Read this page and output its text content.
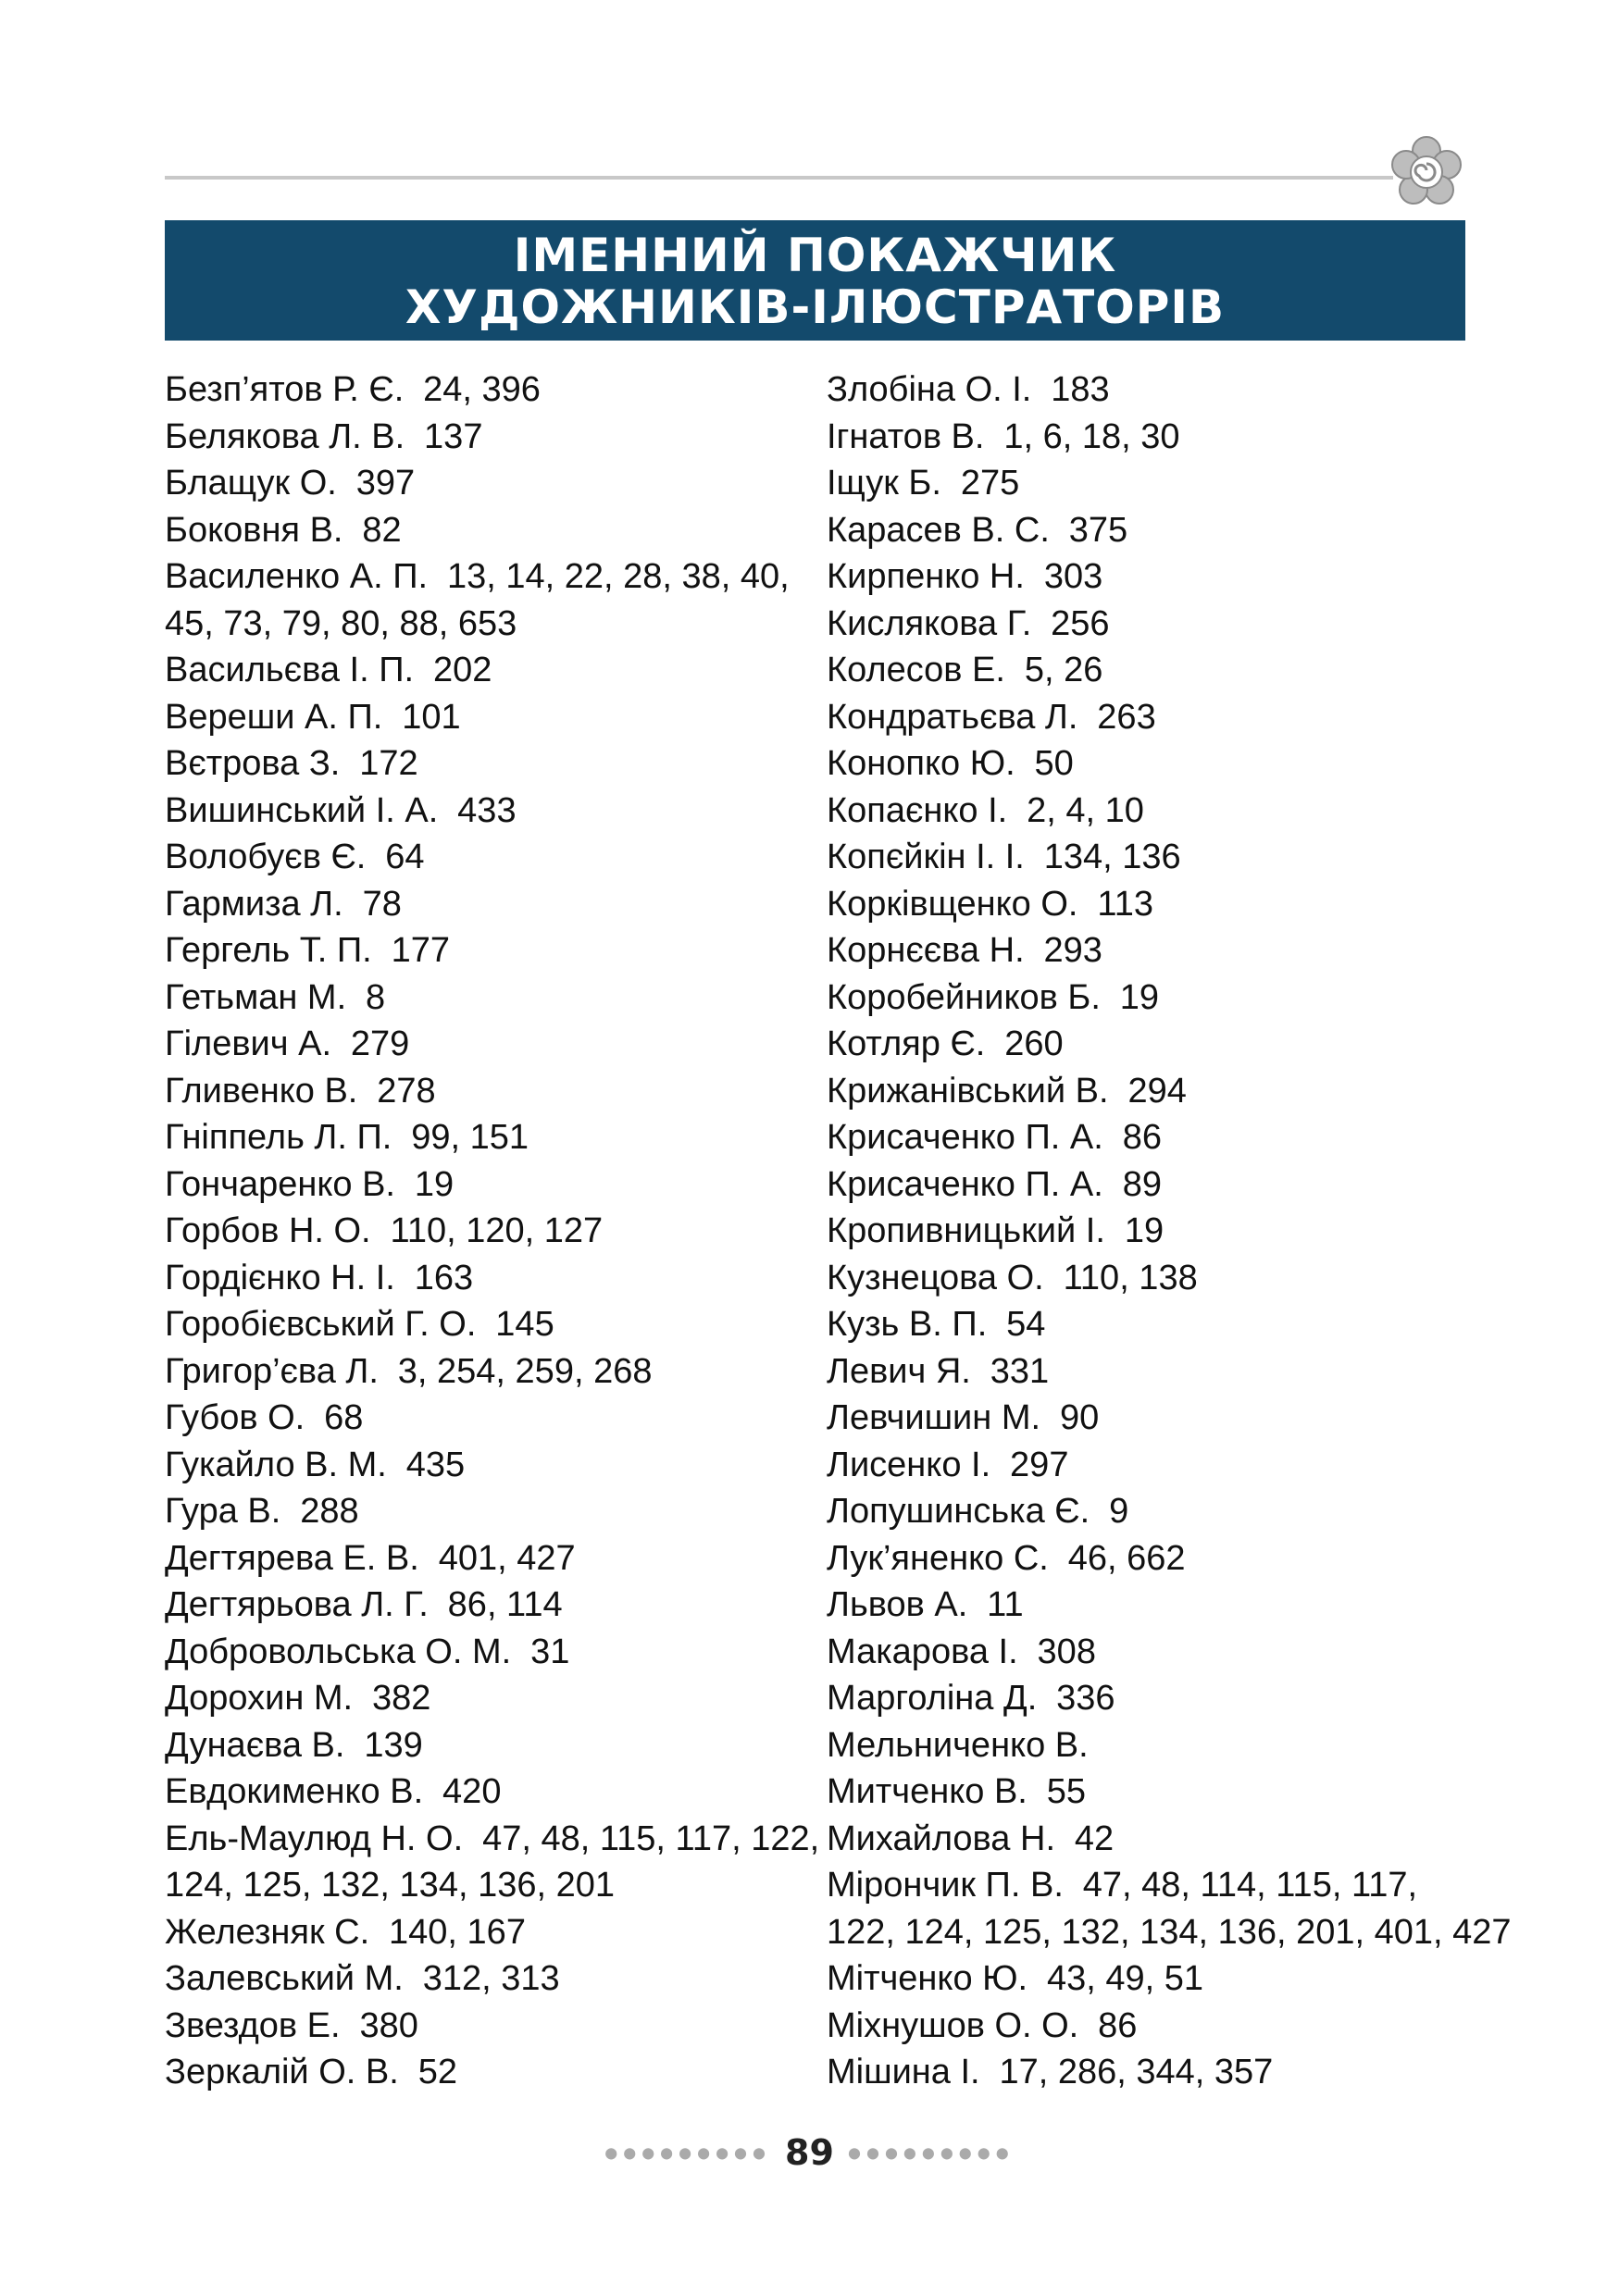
ІМЕННИЙ ПОКАЖЧИК
ХУДОЖНИКІВ-ІЛЮСТРАТОРІВ
Безп’ятов Р. Є. 24, 396
Белякова Л. В. 137
Блащук О. 397
Боковня В. 82
Василенко А. П. 13, 14, 22, 28, 38, 40,
45, 73, 79, 80, 88, 653
Васильєва І. П. 202
Вереши А. П. 101
Вєтрова З. 172
Вишинський І. А. 433
Волобуєв Є. 64
Гармиза Л. 78
Гергель Т. П. 177
Гетьман М. 8
Гілевич А. 279
Гливенко В. 278
Гніппель Л. П. 99, 151
Гончаренко В. 19
Горбов Н. О. 110, 120, 127
Гордієнко Н. І. 163
Горобієвський Г. О. 145
Григор’єва Л. 3, 254, 259, 268
Губов О. 68
Гукайло В. М. 435
Гура В. 288
Дегтярева Е. В. 401, 427
Дегтярьова Л. Г. 86, 114
Добровольська О. М. 31
Дорохин М. 382
Дунаєва В. 139
Евдокименко В. 420
Ель-Маулюд Н. О. 47, 48, 115, 117, 122,
124, 125, 132, 134, 136, 201
Железняк С. 140, 167
Залевський М. 312, 313
Звездов Е. 380
Зеркалій О. В. 52
Злобіна О. І. 183
Ігнатов В. 1, 6, 18, 30
Іщук Б. 275
Карасев В. С. 375
Кирпенко Н. 303
Кислякова Г. 256
Колесов Е. 5, 26
Кондратьєва Л. 263
Конопко Ю. 50
Копаєнко І. 2, 4, 10
Копєйкін І. І. 134, 136
Корківщенко О. 113
Корнєєва Н. 293
Коробейников Б. 19
Котляр Є. 260
Крижанівський В. 294
Крисаченко П. А. 86
Крисаченко П. А. 89
Кропивницький І. 19
Кузнецова О. 110, 138
Кузь В. П. 54
Левич Я. 331
Левчишин М. 90
Лисенко І. 297
Лопушинська Є. 9
Лук’яненко С. 46, 662
Львов А. 11
Макарова І. 308
Марголіна Д. 336
Мельниченко В.
Митченко В. 55
Михайлова Н. 42
Мірончик П. В. 47, 48, 114, 115, 117,
122, 124, 125, 132, 134, 136, 201, 401, 427
Мітченко Ю. 43, 49, 51
Міхнушов О. О. 86
Мішина І. 17, 286, 344, 357
●●●●●●●●● 89 ●●●●●●●●●
